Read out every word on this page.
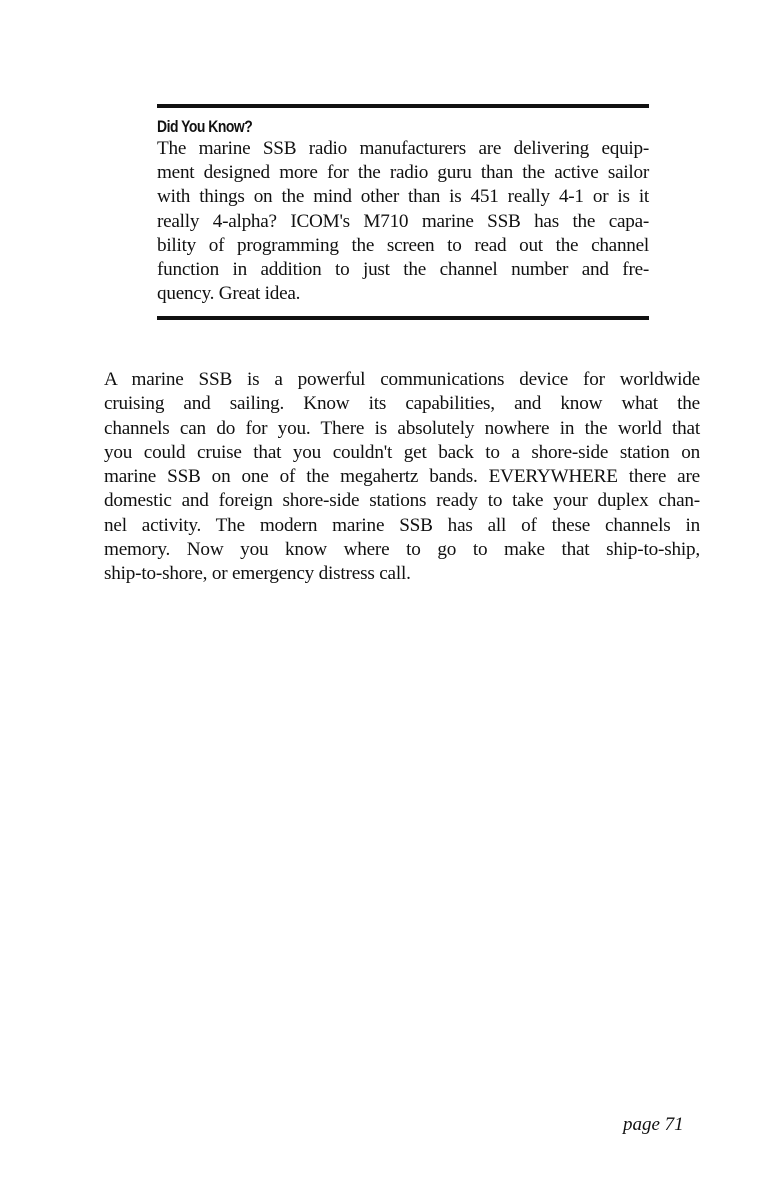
Did You Know?
The marine SSB radio manufacturers are delivering equip-
ment designed more for the radio guru than the active sailor
with things on the mind other than is 451 really 4-1 or is it
really 4-alpha? ICOM's M710 marine SSB has the capa-
bility of programming the screen to read out the channel
function in addition to just the channel number and fre-
quency. Great idea.
A marine SSB is a powerful communications device for worldwide
cruising and sailing. Know its capabilities, and know what the
channels can do for you. There is absolutely nowhere in the world that
you could cruise that you couldn't get back to a shore-side station on
marine SSB on one of the megahertz bands. EVERYWHERE there are
domestic and foreign shore-side stations ready to take your duplex chan-
nel activity. The modern marine SSB has all of these channels in
memory. Now you know where to go to make that ship-to-ship,
ship-to-shore, or emergency distress call.
page 71
